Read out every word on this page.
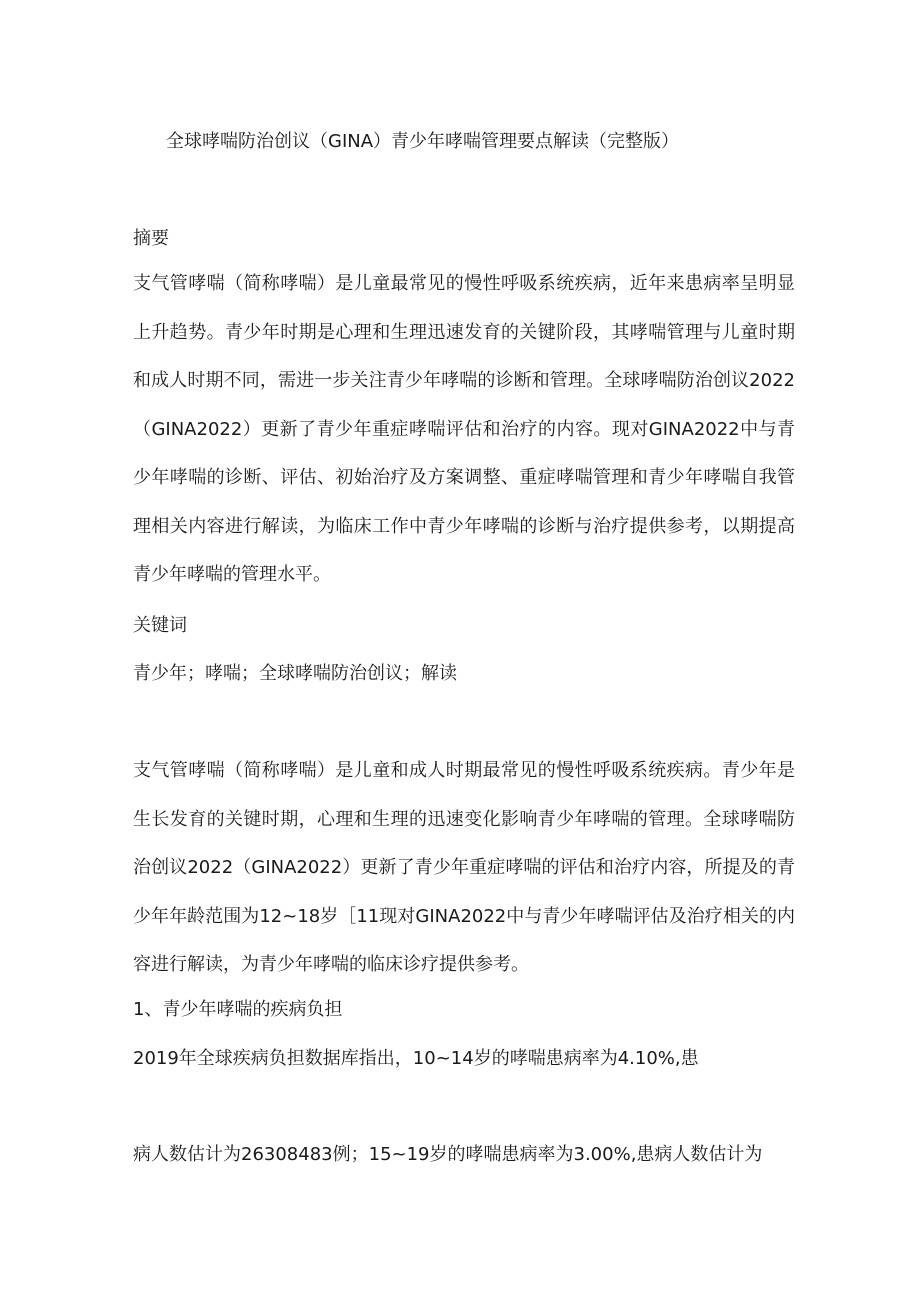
全球哮喘防治创议（GINA）青少年哮喘管理要点解读（完整版）
摘要
支气管哮喘（简称哮喘）是儿童最常见的慢性呼吸系统疾病，近年来患病率呈明显上升趋势。青少年时期是心理和生理迅速发育的关键阶段，其哮喘管理与儿童时期和成人时期不同，需进一步关注青少年哮喘的诊断和管理。全球哮喘防治创议2022（GINA2022）更新了青少年重症哮喘评估和治疗的内容。现对GINA2022中与青少年哮喘的诊断、评估、初始治疗及方案调整、重症哮喘管理和青少年哮喘自我管理相关内容进行解读，为临床工作中青少年哮喘的诊断与治疗提供参考，以期提高青少年哮喘的管理水平。
关键词
青少年；哮喘；全球哮喘防治创议；解读
支气管哮喘（简称哮喘）是儿童和成人时期最常见的慢性呼吸系统疾病。青少年是生长发育的关键时期，心理和生理的迅速变化影响青少年哮喘的管理。全球哮喘防治创议2022（GINA2022）更新了青少年重症哮喘的评估和治疗内容，所提及的青少年年龄范围为12~18岁［11现对GINA2022中与青少年哮喘评估及治疗相关的内容进行解读，为青少年哮喘的临床诊疗提供参考。
1、青少年哮喘的疾病负担
2019年全球疾病负担数据库指出，10~14岁的哮喘患病率为4.10%,患
病人数估计为26308483例；15~19岁的哮喘患病率为3.00%,患病人数估计为
